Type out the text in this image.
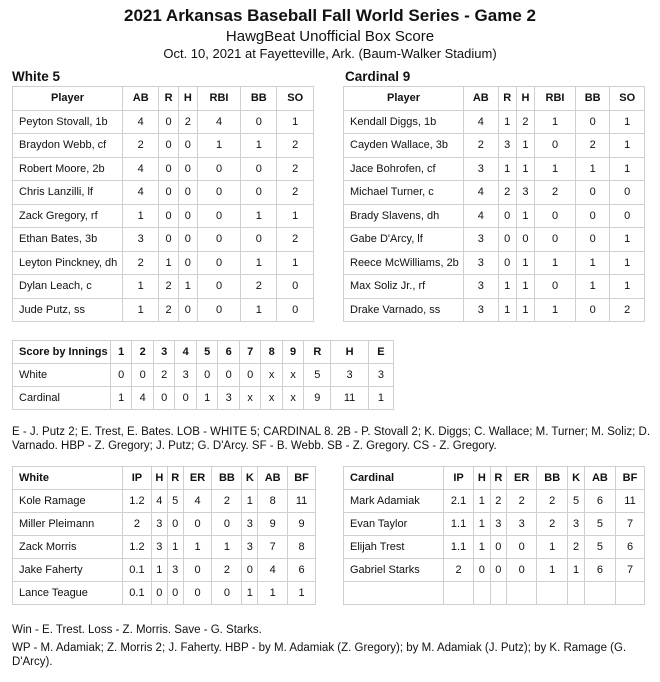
2021 Arkansas Baseball Fall World Series - Game 2
HawgBeat Unofficial Box Score
Oct. 10, 2021 at Fayetteville, Ark. (Baum-Walker Stadium)
White 5	Cardinal 9
Player	AB	R	H	RBI	BB	SO
Peyton Stovall, 1b	4	0	2	4	0	1
Braydon Webb, cf	2	0	0	1	1	2
Robert Moore, 2b	4	0	0	0	0	2
Chris Lanzilli, lf	4	0	0	0	0	2
Zack Gregory, rf	1	0	0	0	1	1
Ethan Bates, 3b	3	0	0	0	0	2
Leyton Pinckney, dh	2	1	0	0	1	1
Dylan Leach, c	1	2	1	0	2	0
Jude Putz, ss	1	2	0	0	1	0
Player	AB	R	H	RBI	BB	SO
Kendall Diggs, 1b	4	1	2	1	0	1
Cayden Wallace, 3b	2	3	1	0	2	1
Jace Bohrofen, cf	3	1	1	1	1	1
Michael Turner, c	4	2	3	2	0	0
Brady Slavens, dh	4	0	1	0	0	0
Gabe D'Arcy, lf	3	0	0	0	0	1
Reece McWilliams, 2b	3	0	1	1	1	1
Max Soliz Jr., rf	3	1	1	0	1	1
Drake Varnado, ss	3	1	1	1	0	2
Score by Innings	1	2	3	4	5	6	7	8	9	R	H	E
White	0	0	2	3	0	0	0	x	x	5	3	3
Cardinal	1	4	0	0	1	3	x	x	x	9	11	1
E - J. Putz 2; E. Trest, E. Bates. LOB - WHITE 5; CARDINAL 8. 2B - P. Stovall 2; K. Diggs; C. Wallace; M. Turner; M. Soliz; D. Varnado. HBP - Z. Gregory; J. Putz; G. D'Arcy. SF - B. Webb. SB - Z. Gregory. CS - Z. Gregory.
White	IP	H	R	ER	BB	K	AB	BF
Kole Ramage	1.2	4	5	4	2	1	8	11
Miller Pleimann	2	3	0	0	0	3	9	9
Zack Morris	1.2	3	1	1	1	3	7	8
Jake Faherty	0.1	1	3	0	2	0	4	6
Lance Teague	0.1	0	0	0	0	1	1	1
Cardinal	IP	H	R	ER	BB	K	AB	BF
Mark Adamiak	2.1	1	2	2	2	5	6	11
Evan Taylor	1.1	1	3	3	2	3	5	7
Elijah Trest	1.1	1	0	0	1	2	5	6
Gabriel Starks	2	0	0	0	1	1	6	7

Win - E. Trest. Loss - Z. Morris. Save - G. Starks.
WP - M. Adamiak; Z. Morris 2; J. Faherty. HBP - by M. Adamiak (Z. Gregory); by M. Adamiak (J. Putz); by K. Ramage (G. D'Arcy).
